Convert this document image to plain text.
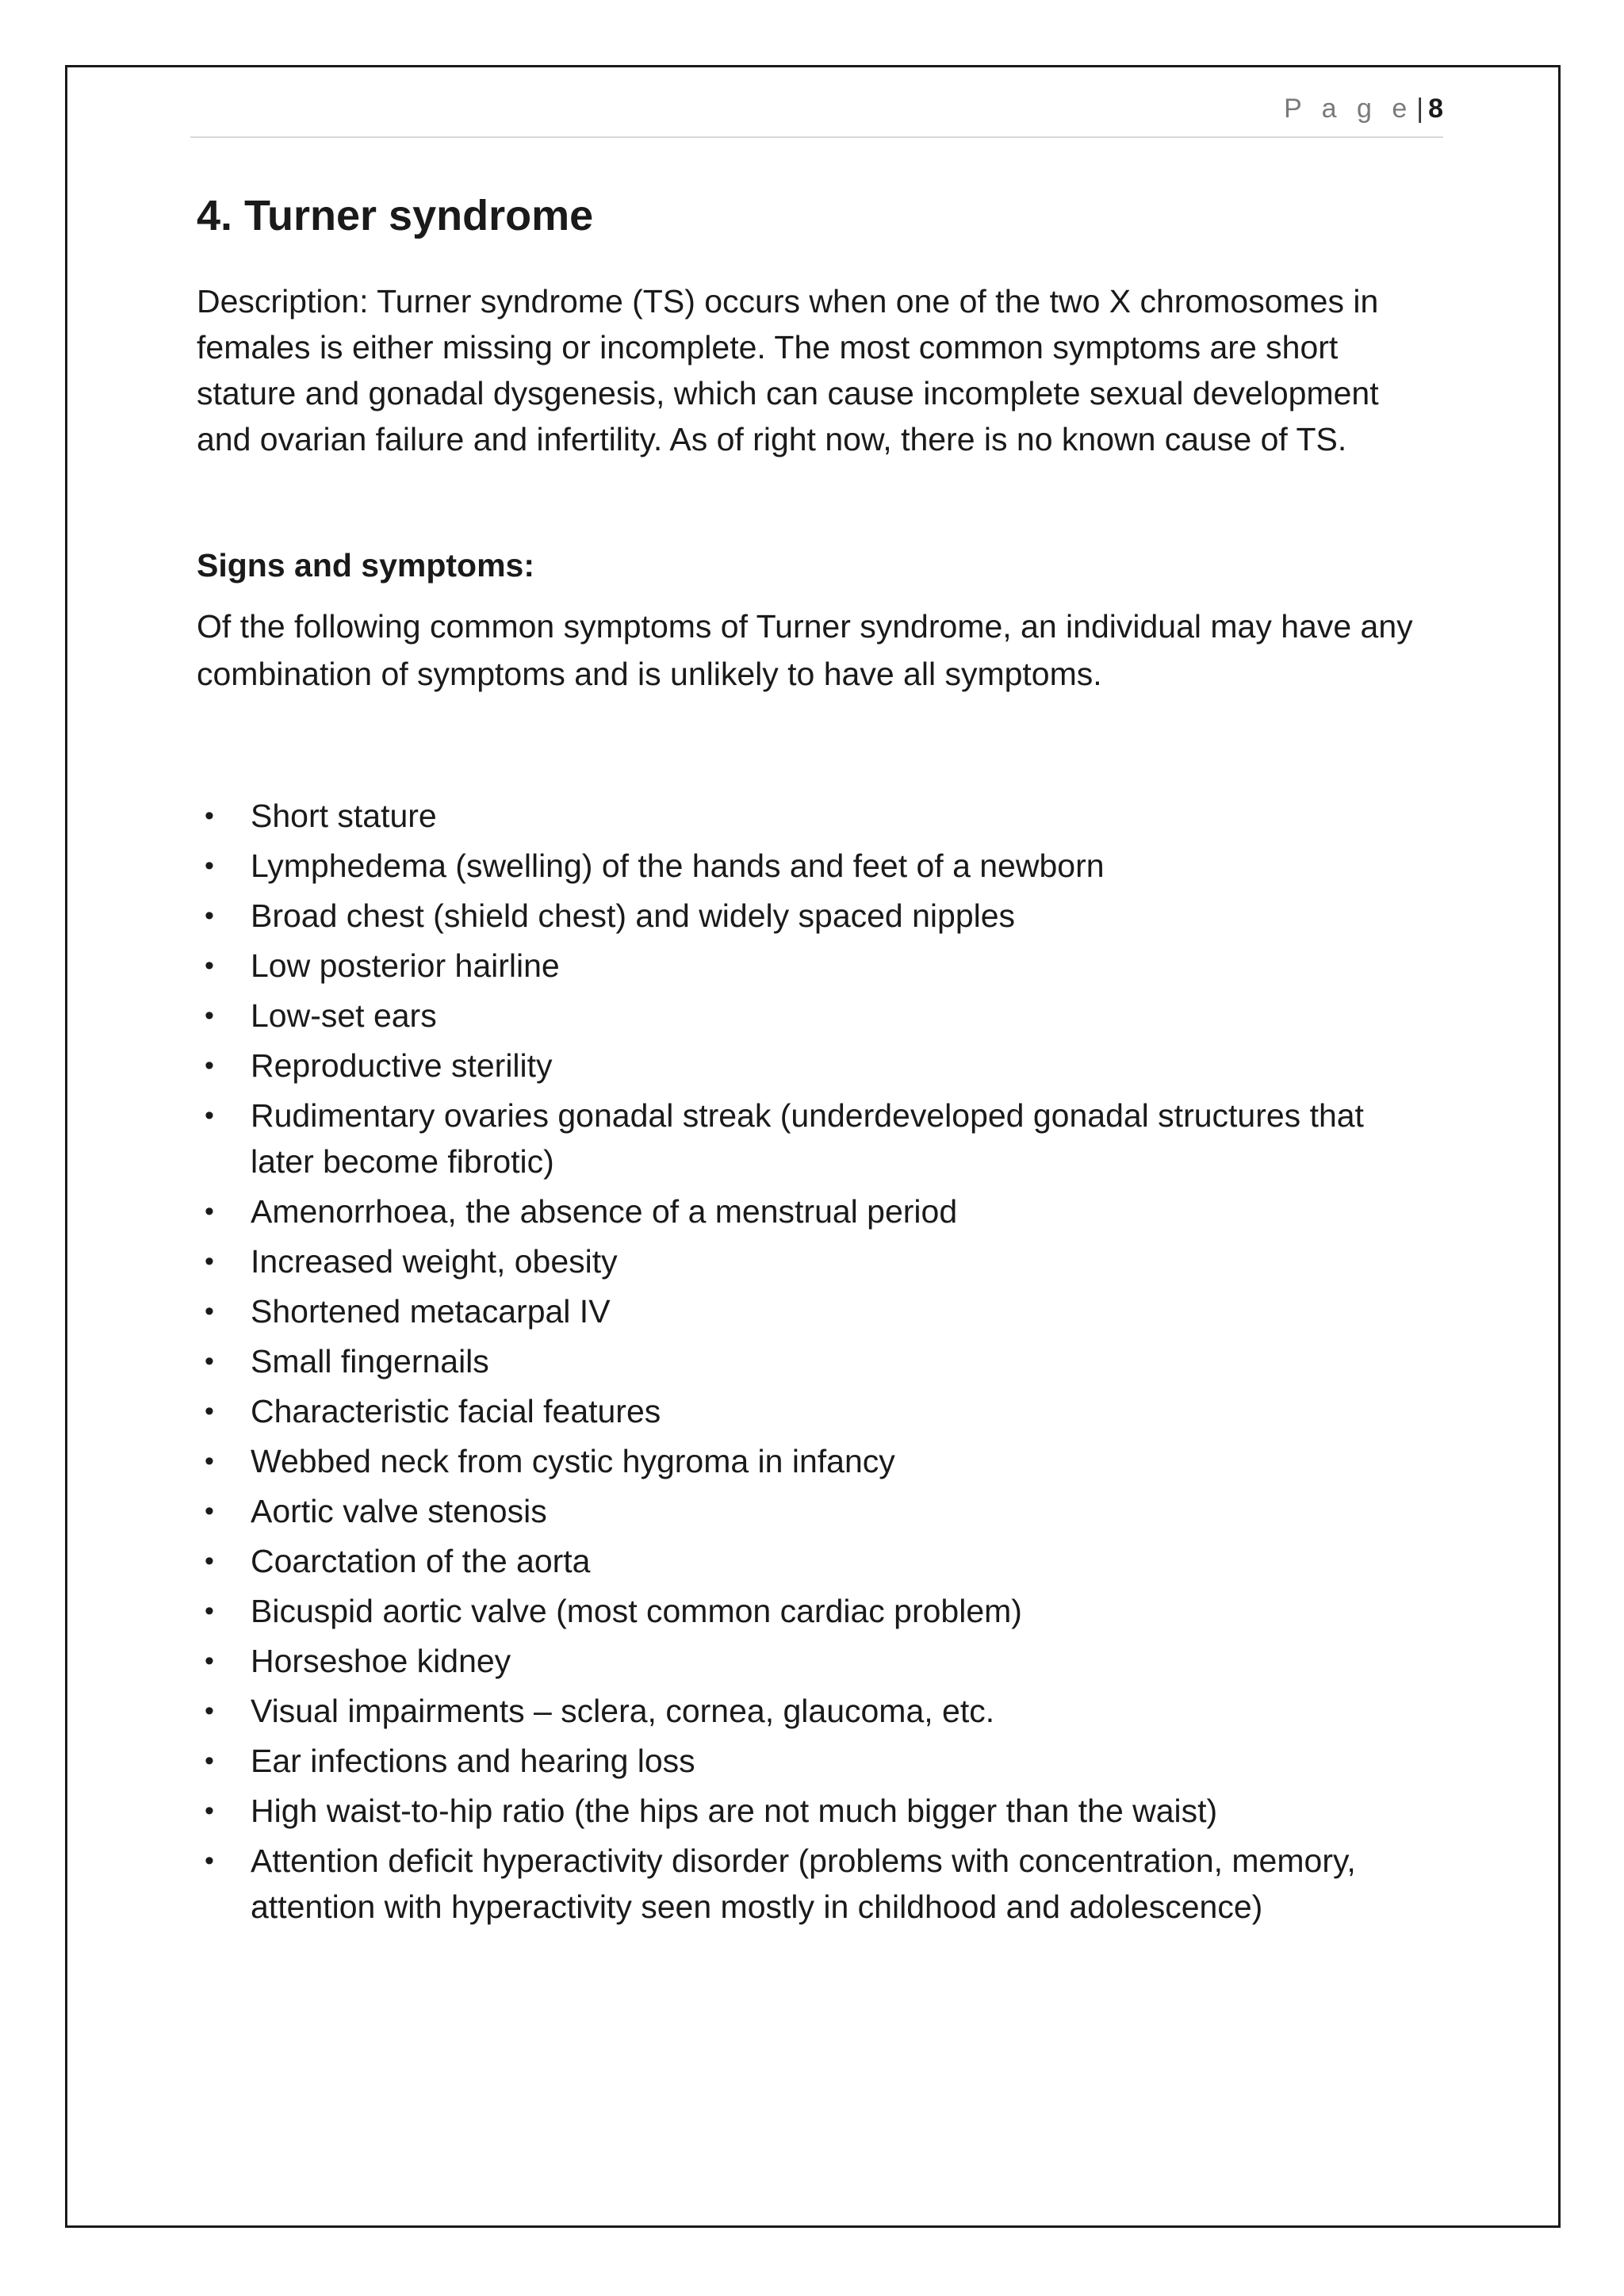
P a g e | 8
4. Turner syndrome

Description: Turner syndrome (TS) occurs when one of the two X chromosomes in females is either missing or incomplete. The most common symptoms are short stature and gonadal dysgenesis, which can cause incomplete sexual development and ovarian failure and infertility. As of right now, there is no known cause of TS.

Signs and symptoms:

Of the following common symptoms of Turner syndrome, an individual may have any combination of symptoms and is unlikely to have all symptoms.

• Short stature
• Lymphedema (swelling) of the hands and feet of a newborn
• Broad chest (shield chest) and widely spaced nipples
• Low posterior hairline
• Low-set ears
• Reproductive sterility
• Rudimentary ovaries gonadal streak (underdeveloped gonadal structures that later become fibrotic)
• Amenorrhoea, the absence of a menstrual period
• Increased weight, obesity
• Shortened metacarpal IV
• Small fingernails
• Characteristic facial features
• Webbed neck from cystic hygroma in infancy
• Aortic valve stenosis
• Coarctation of the aorta
• Bicuspid aortic valve (most common cardiac problem)
• Horseshoe kidney
• Visual impairments – sclera, cornea, glaucoma, etc.
• Ear infections and hearing loss
• High waist-to-hip ratio (the hips are not much bigger than the waist)
• Attention deficit hyperactivity disorder (problems with concentration, memory, attention with hyperactivity seen mostly in childhood and adolescence)
